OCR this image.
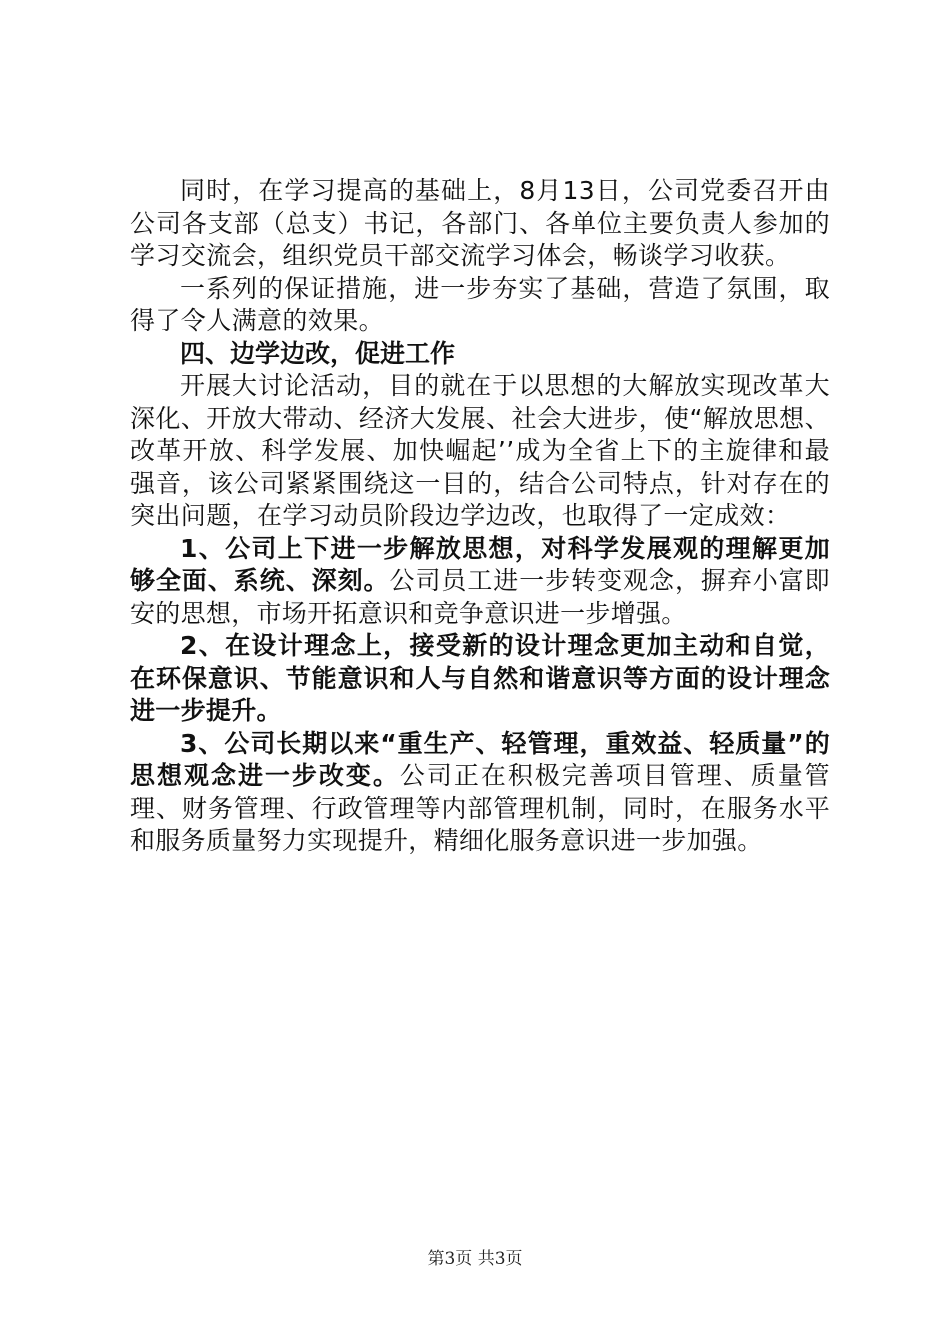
同时，在学习提高的基础上，8月13日，公司党委召开由公司各支部（总支）书记，各部门、各单位主要负责人参加的学习交流会，组织党员干部交流学习体会，畅谈学习收获。

一系列的保证措施，进一步夯实了基础，营造了氛围，取得了令人满意的效果。

四、边学边改，促进工作

开展大讨论活动，目的就在于以思想的大解放实现改革大深化、开放大带动、经济大发展、社会大进步，使“解放思想、改革开放、科学发展、加快崛起’’成为全省上下的主旋律和最强音，该公司紧紧围绕这一目的，结合公司特点，针对存在的突出问题，在学习动员阶段边学边改，也取得了一定成效：

1、公司上下进一步解放思想，对科学发展观的理解更加够全面、系统、深刻。公司员工进一步转变观念，摒弃小富即安的思想，市场开拓意识和竞争意识进一步增强。

2、在设计理念上，接受新的设计理念更加主动和自觉，在环保意识、节能意识和人与自然和谐意识等方面的设计理念进一步提升。

3、公司长期以来“重生产、轻管理，重效益、轻质量”的思想观念进一步改变。公司正在积极完善项目管理、质量管理、财务管理、行政管理等内部管理机制，同时，在服务水平和服务质量努力实现提升，精细化服务意识进一步加强。

第3页 共3页
